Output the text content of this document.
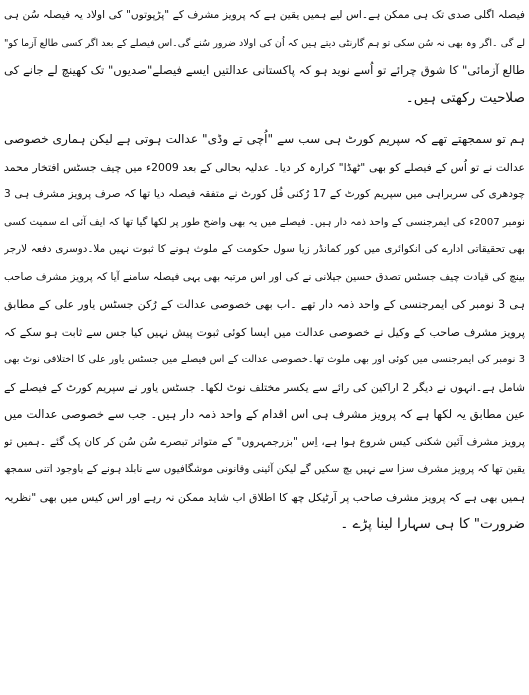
فیصلہ اگلی صدی تک ہی ممکن ہے۔اس لیے ہمیں یقین ہے کہ پرویز مشرف کے "پڑپوتوں" کی اولاد یہ فیصلہ سُن ہی
لے گی ۔اگر وہ بھی نہ سُن سکی تو ہم گارنٹی دیتے ہیں کہ اُن کی اولاد ضرور سُنے گی۔اس فیصلے کے بعد اگر کسی طالع آزما کو"
طالع آزمائی" کا شوق چرائے تو اُسے نوید ہو کہ پاکستانی عدالتیں ایسے فیصلے"صدیوں" تک کھینچ لے جانے کی
صلاحیت رکھتی ہیں۔
ہم تو سمجھتے تھے کہ سپریم کورٹ ہی سب سے "اُچی تے وڈی" عدالت ہوتی ہے لیکن ہماری خصوصی
عدالت نے تو اُس کے فیصلے کو بھی "ٹھڈا" کرارہ کر دیا۔ عدلیہ بحالی کے بعد 2009ء میں چیف جسٹس افتخار محمد
چودھری کی سربراہی میں سپریم کورٹ کے 17 رُکنی فُل کورٹ نے متفقہ فیصلہ دیا تھا کہ صرف پرویز مشرف ہی 3
نومبر 2007ء کی ایمرجنسی کے واحد ذمہ دار ہیں۔ فیصلے میں یہ بھی واضح طور پر لکھا گیا تھا کہ ایف آئی اے سمیت کسی
بھی تحقیقاتی ادارے کی انکوائری میں کور کمانڈر زیا سول حکومت کے ملوث ہونے کا ثبوت نہیں ملا۔دوسری دفعہ لارجر
بینچ کی قیادت چیف جسٹس تصدق حسین جیلانی نے کی اور اس مرتبہ بھی یہی فیصلہ سامنے آیا کہ پرویز مشرف صاحب
ہی 3 نومبر کی ایمرجنسی کے واحد ذمہ دار تھے ۔اب بھی خصوصی عدالت کے رُکن جسٹس یاور علی کے مطابق
پرویز مشرف صاحب کے وکیل نے خصوصی عدالت میں ایسا کوئی ثبوت پیش نہیں کیا جس سے ثابت ہو سکے کہ
3 نومبر کی ایمرجنسی میں کوئی اور بھی ملوث تھا۔خصوصی عدالت کے اس فیصلے میں جسٹس یاور علی کا اختلافی نوٹ بھی
شامل ہے۔انہوں نے دیگر 2 اراکین کی رائے سے یکسر مختلف نوٹ لکھا۔ جسٹس یاور نے سپریم کورٹ کے فیصلے کے
عین مطابق یہ لکھا ہے کہ پرویز مشرف ہی اس اقدام کے واحد ذمہ دار ہیں۔ جب سے خصوصی عدالت میں
پرویز مشرف آئین شکنی کیس شروع ہوا ہے، اِس "بزرجمہروں" کے متواتر تبصرے سُن سُن کر کان پک گئے ۔ہمیں تو
یقین تھا کہ پرویز مشرف سزا سے نہیں بچ سکیں گے لیکن آئینی وقانونی موشگافیوں سے نابلد ہونے کے باوجود اتنی سمجھ
ہمیں بھی ہے کہ پرویز مشرف صاحب پر آرٹیکل چھ کا اطلاق اب شاید ممکن نہ رہے اور اس کیس میں بھی "نظریہ
ضرورت" کا ہی سہارا لینا پڑے ۔
